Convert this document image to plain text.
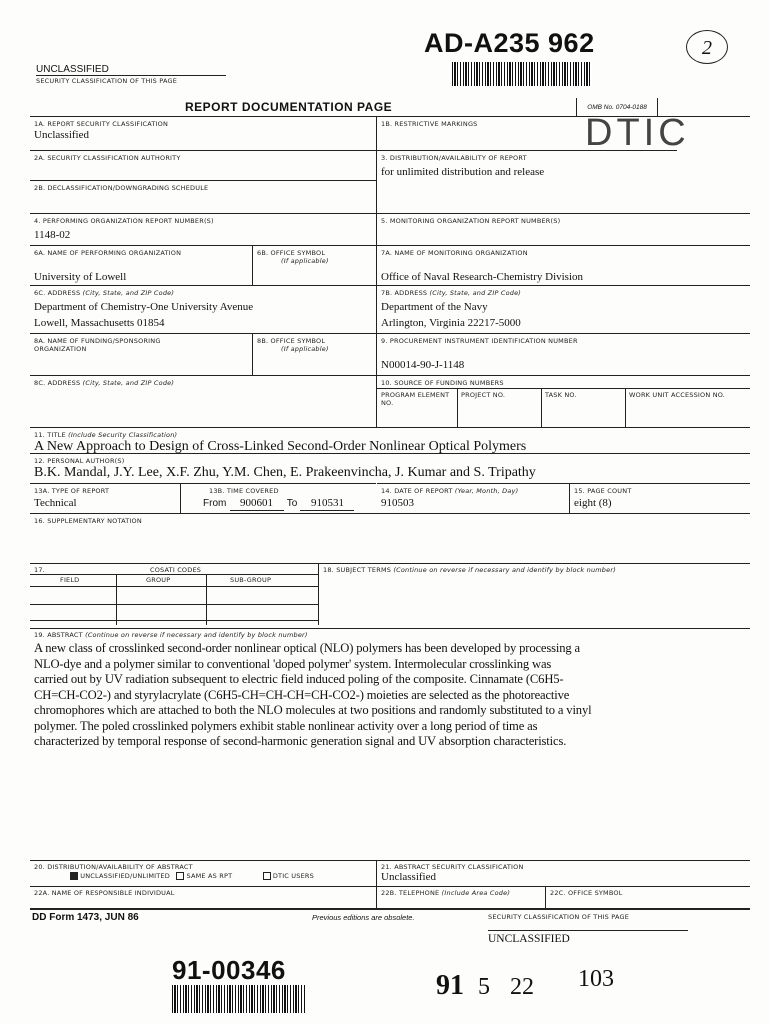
UNCLASSIFIED
SECURITY CLASSIFICATION OF THIS PAGE
AD-A235 962	2
REPORT DOCUMENTATION PAGE	OMB No. 0704-0188
DTIC
1A. REPORT SECURITY CLASSIFICATION
Unclassified
1B. RESTRICTIVE MARKINGS
2A. SECURITY CLASSIFICATION AUTHORITY	3. DISTRIBUTION/AVAILABILITY OF REPORT
for unlimited distribution and release
2B. DECLASSIFICATION/DOWNGRADING SCHEDULE
4. PERFORMING ORGANIZATION REPORT NUMBER(S)
1148-02
5. MONITORING ORGANIZATION REPORT NUMBER(S)
6A. NAME OF PERFORMING ORGANIZATION
University of Lowell
6B. OFFICE SYMBOL
(If applicable)
7A. NAME OF MONITORING ORGANIZATION
Office of Naval Research-Chemistry Division
6C. ADDRESS (City, State, and ZIP Code)
Department of Chemistry-One University Avenue
Lowell, Massachusetts 01854
7B. ADDRESS (City, State, and ZIP Code)
Department of the Navy
Arlington, Virginia 22217-5000
8A. NAME OF FUNDING/SPONSORING ORGANIZATION
8B. OFFICE SYMBOL
(If applicable)
9. PROCUREMENT INSTRUMENT IDENTIFICATION NUMBER
N00014-90-J-1148
8C. ADDRESS (City, State, and ZIP Code)	10. SOURCE OF FUNDING NUMBERS
PROGRAM ELEMENT NO.
PROJECT NO.	TASK NO.	WORK UNIT ACCESSION NO.
11. TITLE (Include Security Classification)
A New Approach to Design of Cross-Linked Second-Order Nonlinear Optical Polymers
12. PERSONAL AUTHOR(S)
B.K. Mandal, J.Y. Lee, X.F. Zhu, Y.M. Chen, E. Prakeenvincha, J. Kumar and S. Tripathy
13A. TYPE OF REPORT
Technical
13B. TIME COVERED
From 900601 To 910531
14. DATE OF REPORT (Year, Month, Day)
910503
15. PAGE COUNT
eight (8)
16. SUPPLEMENTARY NOTATION
17.	COSATI CODES
FIELD	GROUP	SUB-GROUP
18. SUBJECT TERMS (Continue on reverse if necessary and identify by block number)
19. ABSTRACT (Continue on reverse if necessary and identify by block number)
A new class of crosslinked second-order nonlinear optical (NLO) polymers has been developed by processing a
NLO-dye and a polymer similar to conventional 'doped polymer' system. Intermolecular crosslinking was
carried out by UV radiation subsequent to electric field induced poling of the composite. Cinnamate (C6H5-
CH=CH-CO2-) and styrylacrylate (C6H5-CH=CH-CH=CH-CO2-) moieties are selected as the photoreactive
chromophores which are attached to both the NLO molecules at two positions and randomly substituted to a vinyl
polymer. The poled crosslinked polymers exhibit stable nonlinear activity over a long period of time as
characterized by temporal response of second-harmonic generation signal and UV absorption characteristics.
20. DISTRIBUTION/AVAILABILITY OF ABSTRACT
UNCLASSIFIED/UNLIMITED	SAME AS RPT	DTIC USERS
21. ABSTRACT SECURITY CLASSIFICATION
Unclassified
22A. NAME OF RESPONSIBLE INDIVIDUAL	22B. TELEPHONE (Include Area Code)	22C. OFFICE SYMBOL
DD Form 1473, JUN 86	Previous editions are obsolete.	SECURITY CLASSIFICATION OF THIS PAGE
UNCLASSIFIED
91-00346	91 5 22 103
